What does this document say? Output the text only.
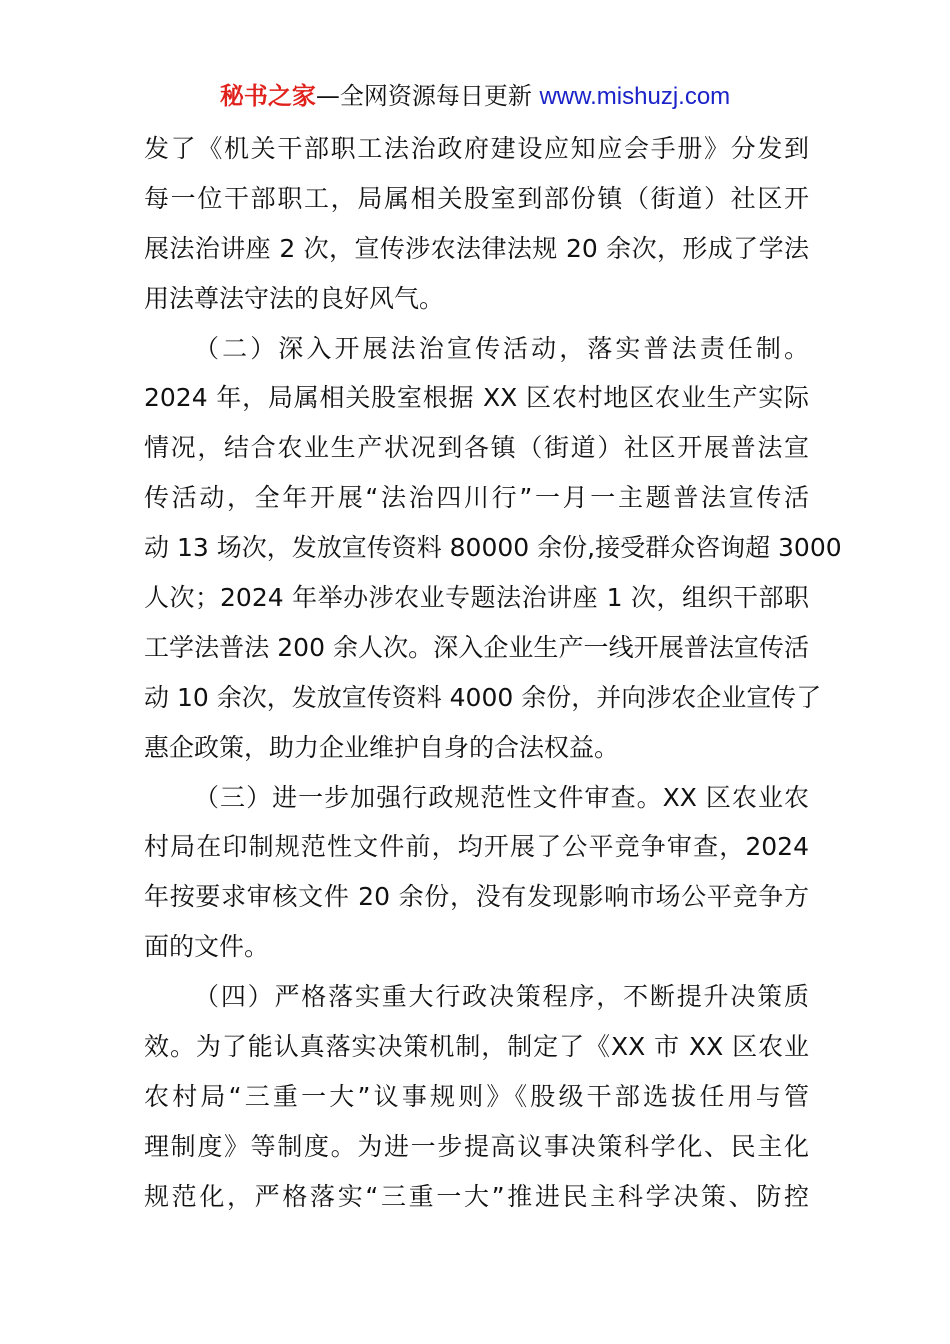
秘书之家—全网资源每日更新 www.mishuzj.com
发了《机关干部职工法治政府建设应知应会手册》分发到
每一位干部职工，局属相关股室到部份镇（街道）社区开
展法治讲座 2 次，宣传涉农法律法规 20 余次，形成了学法
用法尊法守法的良好风气。
（二）深入开展法治宣传活动，落实普法责任制。
2024 年，局属相关股室根据 XX 区农村地区农业生产实际
情况，结合农业生产状况到各镇（街道）社区开展普法宣
传活动，全年开展“法治四川行”一月一主题普法宣传活
动 13 场次，发放宣传资料 80000 余份,接受群众咨询超 3000
人次；2024 年举办涉农业专题法治讲座 1 次，组织干部职
工学法普法 200 余人次。深入企业生产一线开展普法宣传活
动 10 余次，发放宣传资料 4000 余份，并向涉农企业宣传了
惠企政策，助力企业维护自身的合法权益。
（三）进一步加强行政规范性文件审查。XX 区农业农
村局在印制规范性文件前，均开展了公平竞争审查，2024
年按要求审核文件 20 余份，没有发现影响市场公平竞争方
面的文件。
（四）严格落实重大行政决策程序，不断提升决策质
效。为了能认真落实决策机制，制定了《XX 市 XX 区农业
农村局“三重一大”议事规则》《股级干部选拔任用与管
理制度》等制度。为进一步提高议事决策科学化、民主化
规范化，严格落实“三重一大”推进民主科学决策、防控
